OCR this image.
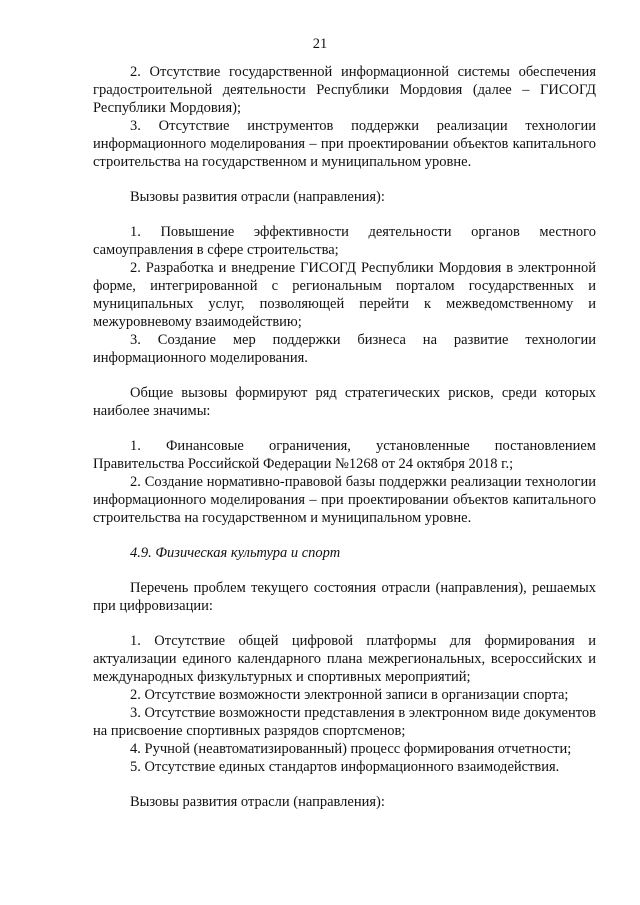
21

2. Отсутствие государственной информационной системы обеспечения градостроительной деятельности Республики Мордовия (далее – ГИСОГД Республики Мордовия);

3. Отсутствие инструментов поддержки реализации технологии информационного моделирования – при проектировании объектов капитального строительства на государственном и муниципальном уровне.

Вызовы развития отрасли (направления):

1. Повышение эффективности деятельности органов местного самоуправления в сфере строительства;

2. Разработка и внедрение ГИСОГД Республики Мордовия в электронной форме, интегрированной с региональным порталом государственных и муниципальных услуг, позволяющей перейти к межведомственному и межуровневому взаимодействию;

3. Создание мер поддержки бизнеса на развитие технологии информационного моделирования.

Общие вызовы формируют ряд стратегических рисков, среди которых наиболее значимы:

1. Финансовые ограничения, установленные постановлением Правительства Российской Федерации №1268 от 24 октября 2018 г.;

2. Создание нормативно-правовой базы поддержки реализации технологии информационного моделирования – при проектировании объектов капитального строительства на государственном и муниципальном уровне.

4.9. Физическая культура и спорт

Перечень проблем текущего состояния отрасли (направления), решаемых при цифровизации:

1. Отсутствие общей цифровой платформы для формирования и актуализации единого календарного плана межрегиональных, всероссийских и международных физкультурных и спортивных мероприятий;

2. Отсутствие возможности электронной записи в организации спорта;

3. Отсутствие возможности представления в электронном виде документов на присвоение спортивных разрядов спортсменов;

4. Ручной (неавтоматизированный) процесс формирования отчетности;

5. Отсутствие единых стандартов информационного взаимодействия.

Вызовы развития отрасли (направления):
